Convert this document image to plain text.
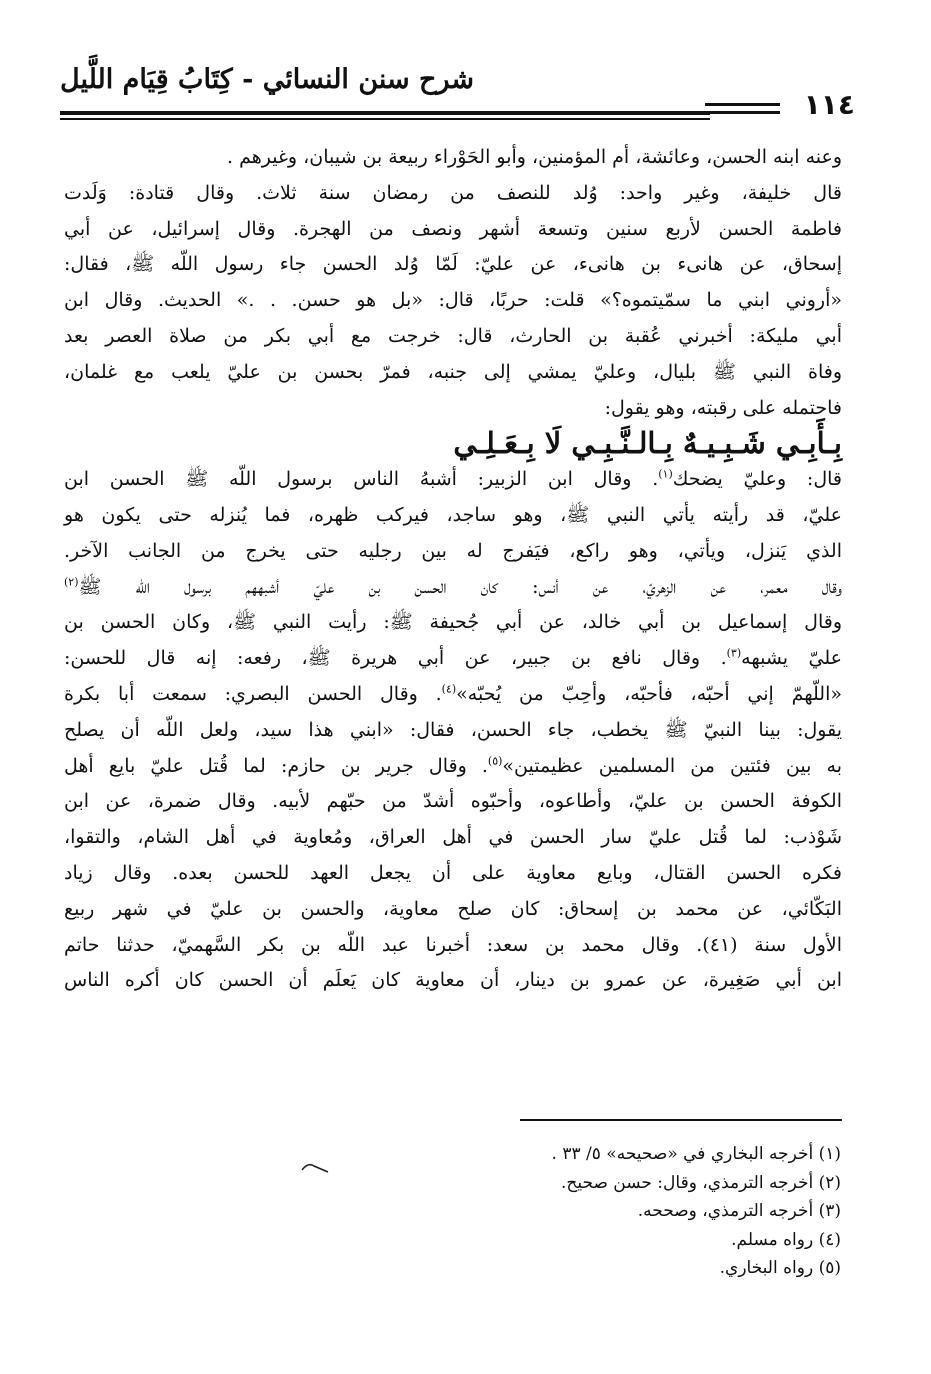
شرح سنن النسائي - كِتَابُ قِيَام اللَّيل
١١٤
وعنه ابنه الحسن، وعائشة، أم المؤمنين، وأبو الحَوْراء ربيعة بن شيبان، وغيرهم .
قال خليفة، وغير واحد: وُلد للنصف من رمضان سنة ثلاث. وقال قتادة: وَلَدت
فاطمة الحسن لأربع سنين وتسعة أشهر ونصف من الهجرة. وقال إسرائيل، عن أبي
إسحاق، عن هانىء بن هانىء، عن عليّ: لَمّا وُلد الحسن جاء رسول اللّه ﷺ، فقال:
«أروني ابني ما سمّيتموه؟» قلت: حربًا، قال: «بل هو حسن. . .» الحديث. وقال ابن
أبي مليكة: أخبرني عُقبة بن الحارث، قال: خرجت مع أبي بكر من صلاة العصر بعد
وفاة النبي ﷺ بليال، وعليّ يمشي إلى جنبه، فمرّ بحسن بن عليّ يلعب مع غلمان،
فاحتمله على رقبته، وهو يقول:
بِـأَبِـي شَـبِـيـهٌ بِـالـنَّـبِـي لَا بِـعَـلِـي
قال: وعليّ يضحك$^{(١)}$. وقال ابن الزبير: أشبهُ الناس برسول اللّه ﷺ الحسن ابن
عليّ، قد رأيته يأتي النبي ﷺ، وهو ساجد، فيركب ظهره، فما يُنزله حتى يكون هو
الذي يَنزل، ويأتي، وهو راكع، فيَفرج له بين رجليه حتى يخرج من الجانب الآخر.
وقال معمر، عن الزهريّ، عن أنس: كان الحسن بن عليّ أشبههم برسول اللّه ﷺ$^{(٢)}$
وقال إسماعيل بن أبي خالد، عن أبي جُحيفة ﷺ: رأيت النبي ﷺ، وكان الحسن بن
عليّ يشبهه$^{(٣)}$. وقال نافع بن جبير، عن أبي هريرة ﷺ، رفعه: إنه قال للحسن:
«اللّهمّ إني أحبّه، فأحبّه، وأحِبّ من يُحبّه»$^{(٤)}$. وقال الحسن البصري: سمعت أبا بكرة
يقول: بينا النبيّ ﷺ يخطب، جاء الحسن، فقال: «ابني هذا سيد، ولعل اللّه أن يصلح
به بين فئتين من المسلمين عظيمتين»$^{(٥)}$. وقال جرير بن حازم: لما قُتل عليّ بايع أهل
الكوفة الحسن بن عليّ، وأطاعوه، وأحبّوه أشدّ من حبّهم لأبيه. وقال ضمرة، عن ابن
شَوْذب: لما قُتل عليّ سار الحسن في أهل العراق، ومُعاوية في أهل الشام، والتقوا،
فكره الحسن القتال، وبايع معاوية على أن يجعل العهد للحسن بعده. وقال زياد
البَكّائي، عن محمد بن إسحاق: كان صلح معاوية، والحسن بن عليّ في شهر ربيع
الأول سنة (٤١). وقال محمد بن سعد: أخبرنا عبد اللّه بن بكر السَّهميّ، حدثنا حاتم
ابن أبي صَغِيرة، عن عمرو بن دينار، أن معاوية كان يَعلَم أن الحسن كان أكره الناس
(١) أخرجه البخاري في «صحيحه» ٥/ ٣٣ .
(٢) أخرجه الترمذي، وقال: حسن صحيح.
(٣) أخرجه الترمذي، وصححه.
(٤) رواه مسلم.
(٥) رواه البخاري.
